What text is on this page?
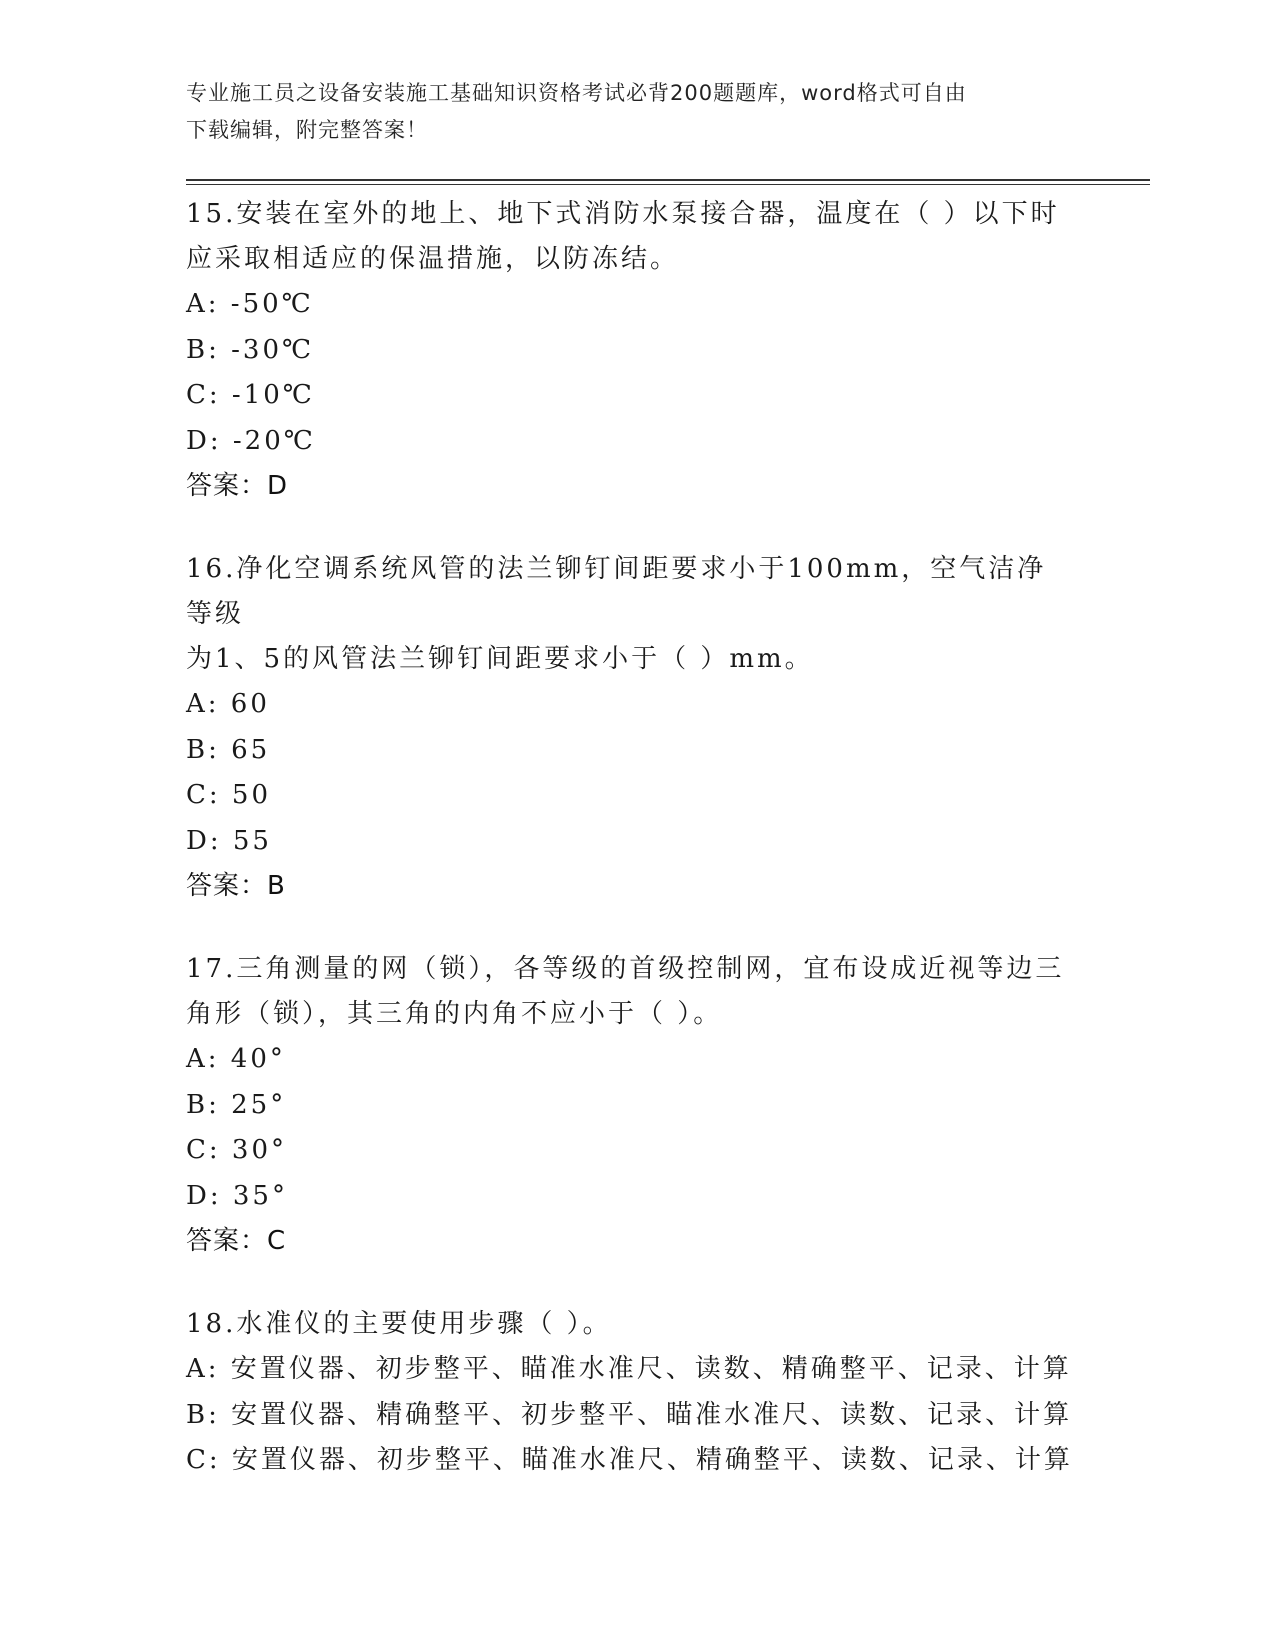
专业施工员之设备安装施工基础知识资格考试必背200题题库，word格式可自由
下载编辑，附完整答案！
15.安装在室外的地上、地下式消防水泵接合器，温度在（ ）以下时
应采取相适应的保温措施，以防冻结。
A: -50℃
B: -30℃
C: -10℃
D: -20℃
答案：D
16.净化空调系统风管的法兰铆钉间距要求小于100mm，空气洁净等级
为1、5的风管法兰铆钉间距要求小于（ ）mm。
A: 60
B: 65
C: 50
D: 55
答案：B
17.三角测量的网（锁），各等级的首级控制网，宜布设成近视等边三
角形（锁），其三角的内角不应小于（ ）。
A: 40°
B: 25°
C: 30°
D: 35°
答案：C
18.水准仪的主要使用步骤（ ）。
A: 安置仪器、初步整平、瞄准水准尺、读数、精确整平、记录、计算
B: 安置仪器、精确整平、初步整平、瞄准水准尺、读数、记录、计算
C: 安置仪器、初步整平、瞄准水准尺、精确整平、读数、记录、计算
